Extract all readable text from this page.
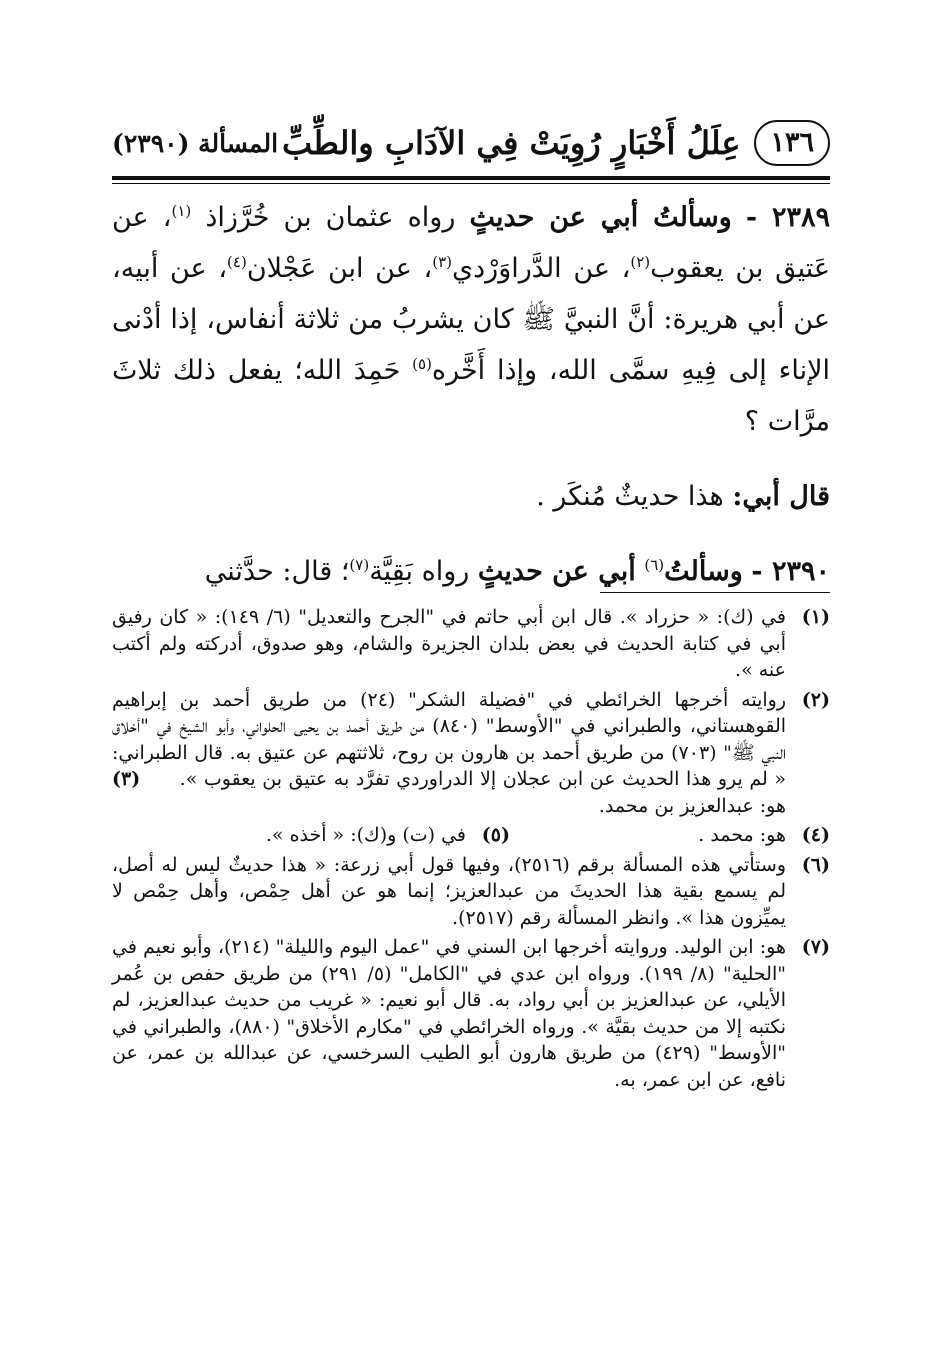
١٣٦
عِلَلُ أَخْبَارٍ رُوِيَتْ فِي الآدَابِ والطِّبِّ
المسألة (٢٣٩٠)

٢٣٨٩ - وسألتُ أبي عن حديثٍ رواه عثمان بن خُرَّزاذ $^{(١)}$، عن عَتيق بن يعقوب$^{(٢)}$، عن الدَّراوَرْدي$^{(٣)}$، عن ابن عَجْلان$^{(٤)}$، عن أبيه، عن أبي هريرة: أنَّ النبيَّ ﷺ كان يشربُ من ثلاثة أنفاس، إذا أدْنى الإناء إلى فِيهِ سمَّى الله، وإذا أَخَّره$^{(٥)}$ حَمِدَ الله؛ يفعل ذلك ثلاثَ مرَّات ؟

قال أبي: هذا حديثٌ مُنكَر .

٢٣٩٠ - وسألتُ$^{(٦)}$ أبي عن حديثٍ رواه بَقِيَّة$^{(٧)}$؛ قال: حدَّثني

(١)
في (ك): « حزراد ». قال ابن أبي حاتم في "الجرح والتعديل" (٦/ ١٤٩): « كان رفيق أبي في كتابة الحديث في بعض بلدان الجزيرة والشام، وهو صدوق، أدركته ولم أكتب عنه ».
(٢)
روايته أخرجها الخرائطي في "فضيلة الشكر" (٢٤) من طريق أحمد بن إبراهيم القوهستاني، والطبراني في "الأوسط" (٨٤٠) من طريق أحمد بن يحيى الحلواني، وأبو الشيخ في "أخلاق النبي ﷺ" (٧٠٣) من طريق أحمد بن هارون بن روح، ثلاثتهم عن عتيق به. قال الطبراني: « لم يرو هذا الحديث عن ابن عجلان إلا الدراوردي تفرَّد به عتيق بن يعقوب ».      (٣) هو: عبدالعزيز بن محمد.
(٤)
هو: محمد .
(٥)
في (ت) و(ك): « أخذه ».
(٦)
وستأتي هذه المسألة برقم (٢٥١٦)، وفيها قول أبي زرعة: « هذا حديثٌ ليس له أصل، لم يسمع بقية هذا الحديثَ من عبدالعزيز؛ إنما هو عن أهل حِمْص، وأهل حِمْص لا يميِّزون هذا ». وانظر المسألة رقم (٢٥١٧).
(٧)
هو: ابن الوليد. وروايته أخرجها ابن السني في "عمل اليوم والليلة" (٢١٤)، وأبو نعيم في "الحلية" (٨/ ١٩٩). ورواه ابن عدي في "الكامل" (٥/ ٢٩١) من طريق حفص بن عُمر الأيلي، عن عبدالعزيز بن أبي رواد، به. قال أبو نعيم: « غريب من حديث عبدالعزيز، لم نكتبه إلا من حديث بقيَّة ». ورواه الخرائطي في "مكارم الأخلاق" (٨٨٠)، والطبراني في "الأوسط" (٤٢٩) من طريق هارون أبو الطيب السرخسي، عن عبدالله بن عمر، عن نافع، عن ابن عمر، به.
